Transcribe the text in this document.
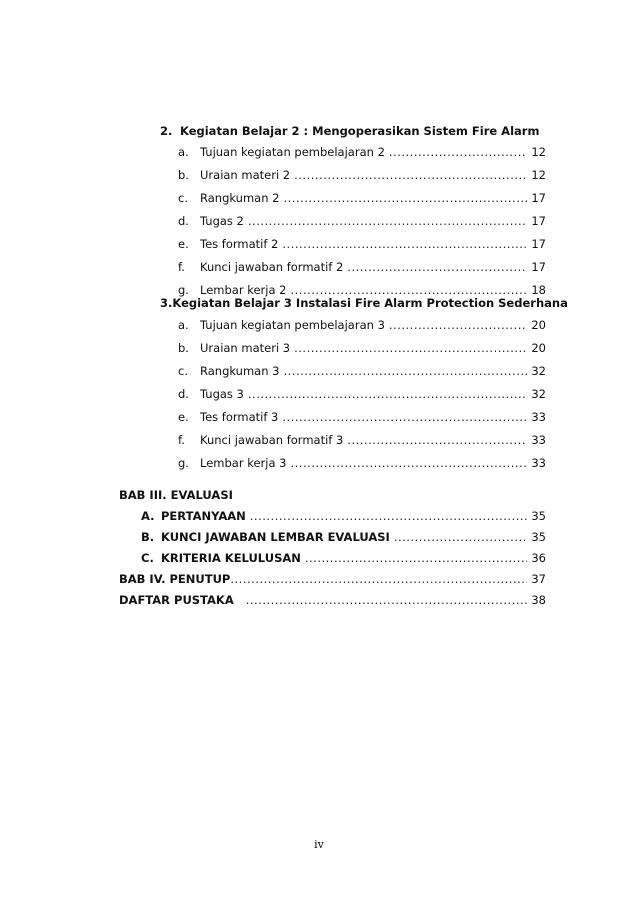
2. Kegiatan Belajar 2 : Mengoperasikan Sistem Fire Alarm
a. Tujuan kegiatan pembelajaran 2 .....	12
b. Uraian materi 2 .....	12
c.	Rangkuman 2 .....	17
d. Tugas 2 .....	17
e. Tes formatif 2 .....	17
f.	Kunci jawaban formatif 2 .....	17
g. Lembar kerja 2 .....	18
3. Kegiatan Belajar 3 Instalasi Fire Alarm Protection Sederhana
a. Tujuan kegiatan pembelajaran 3 .....	20
b. Uraian materi 3 .....	20
c.	Rangkuman 3 .....	32
d. Tugas 3 .....	32
e. Tes formatif 3 .....	33
f.	Kunci jawaban formatif 3 .....	33
g. Lembar kerja 3 .....	33
BAB III. EVALUASI
A. PERTANYAAN .....	35
B. KUNCI JAWABAN LEMBAR EVALUASI .....	35
C. KRITERIA KELULUSAN .....	36
BAB IV. PENUTUP .....	37
DAFTAR PUSTAKA .....	38
iv
